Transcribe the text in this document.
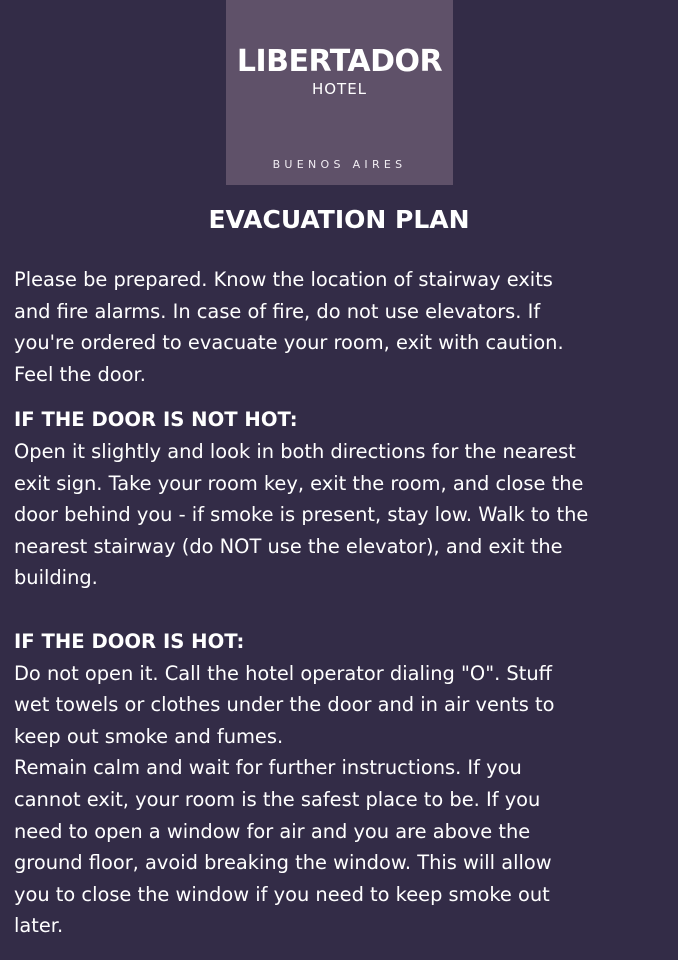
LIBERTADOR
HOTEL
BUENOS AIRES
EVACUATION PLAN

Please be prepared. Know the location of stairway exits
and fire alarms. In case of fire, do not use elevators. If
you're ordered to evacuate your room, exit with caution.
Feel the door.

IF THE DOOR IS NOT HOT:

Open it slightly and look in both directions for the nearest
exit sign. Take your room key, exit the room, and close the
door behind you - if smoke is present, stay low. Walk to the
nearest stairway (do NOT use the elevator), and exit the
building.

IF THE DOOR IS HOT:

Do not open it. Call the hotel operator dialing "O". Stuff
wet towels or clothes under the door and in air vents to
keep out smoke and fumes.
Remain calm and wait for further instructions. If you
cannot exit, your room is the safest place to be. If you
need to open a window for air and you are above the
ground floor, avoid breaking the window. This will allow
you to close the window if you need to keep smoke out
later.
